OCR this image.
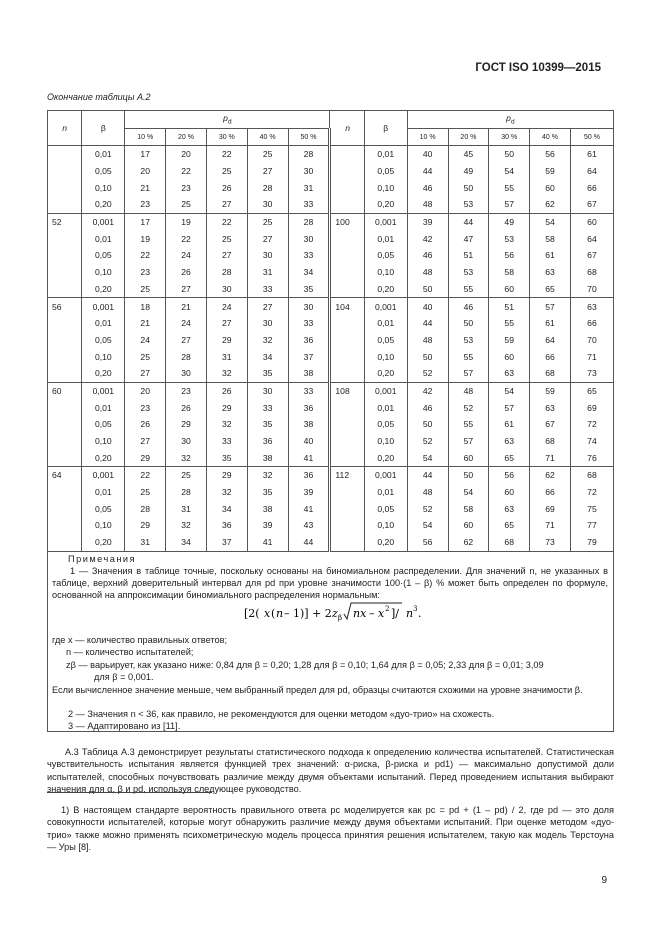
ГОСТ ISO 10399—2015
Окончание таблицы А.2
n	β	$p_d$					n	β	$p_d$
		10 %	20 %	30 %	40 %	50 %			10 %	20 %	30 %	40 %	50 %
	0,01	17	20	22	25	28		0,01	40	45	50	56	61
	0,05	20	22	25	27	30		0,05	44	49	54	59	64
	0,10	21	23	26	28	31		0,10	46	50	55	60	66
	0,20	23	25	27	30	33		0,20	48	53	57	62	67
52	0,001	17	19	22	25	28	100	0,001	39	44	49	54	60
	0,01	19	22	25	27	30		0,01	42	47	53	58	64
	0,05	22	24	27	30	33		0,05	46	51	56	61	67
	0,10	23	26	28	31	34		0,10	48	53	58	63	68
	0,20	25	27	30	33	35		0,20	50	55	60	65	70
56	0,001	18	21	24	27	30	104	0,001	40	46	51	57	63
	0,01	21	24	27	30	33		0,01	44	50	55	61	66
	0,05	24	27	29	32	36		0,05	48	53	59	64	70
	0,10	25	28	31	34	37		0,10	50	55	60	66	71
	0,20	27	30	32	35	38		0,20	52	57	63	68	73
60	0,001	20	23	26	30	33	108	0,001	42	48	54	59	65
	0,01	23	26	29	33	36		0,01	46	52	57	63	69
	0,05	26	29	32	35	38		0,05	50	55	61	67	72
	0,10	27	30	33	36	40		0,10	52	57	63	68	74
	0,20	29	32	35	38	41		0,20	54	60	65	71	76
64	0,001	22	25	29	32	36	112	0,001	44	50	56	62	68
	0,01	25	28	32	35	39		0,01	48	54	60	66	72
	0,05	28	31	34	38	41		0,05	52	58	63	69	75
	0,10	29	32	36	39	43		0,10	54	60	65	71	77
	0,20	31	34	37	41	44		0,20	56	62	68	73	79

Примечания

1 — Значения в таблице точные, поскольку основаны на биномиальном распределении. Для значений n, не указанных в таблице, верхний доверительный интервал для pd при уровне значимости 100·(1 – β) % может быть определен по формуле, основанной на аппроксимации биномиального распределения нормальным:

[2( x ( n – 1)] + 2 z β nx – x 2 ]/ n 3 .

где x — количество правильных ответов;

n — количество испытателей;

zβ — варьирует, как указано ниже: 0,84 для β = 0,20; 1,28 для β = 0,10; 1,64 для β = 0,05; 2,33 для β = 0,01; 3,09

для β = 0,001.

Если вычисленное значение меньше, чем выбранный предел для pd, образцы считаются схожими на уровне значимости β.

2 — Значения n < 36, как правило, не рекомендуются для оценки методом «дуо-трио» на схожесть.

3 — Адаптировано из [11].

А.3 Таблица А.3 демонстрирует результаты статистического подхода к определению количества испытателей. Статистическая чувствительность испытания является функцией трех значений: α-риска, β-риска и pd1) — максимально допустимой доли испытателей, способных почувствовать различие между двумя объектами испытаний. Перед проведением испытания выбирают значения для α, β и pd, используя следующее руководство.

1) В настоящем стандарте вероятность правильного ответа pc моделируется как pc = pd + (1 – pd) / 2, где pd — это доля совокупности испытателей, которые могут обнаружить различие между двумя объектами испытаний. При оценке методом «дуо-трио» также можно применять психометрическую модель процесса принятия решения испытателем, такую как модель Терстоуна — Уры [8].

9
